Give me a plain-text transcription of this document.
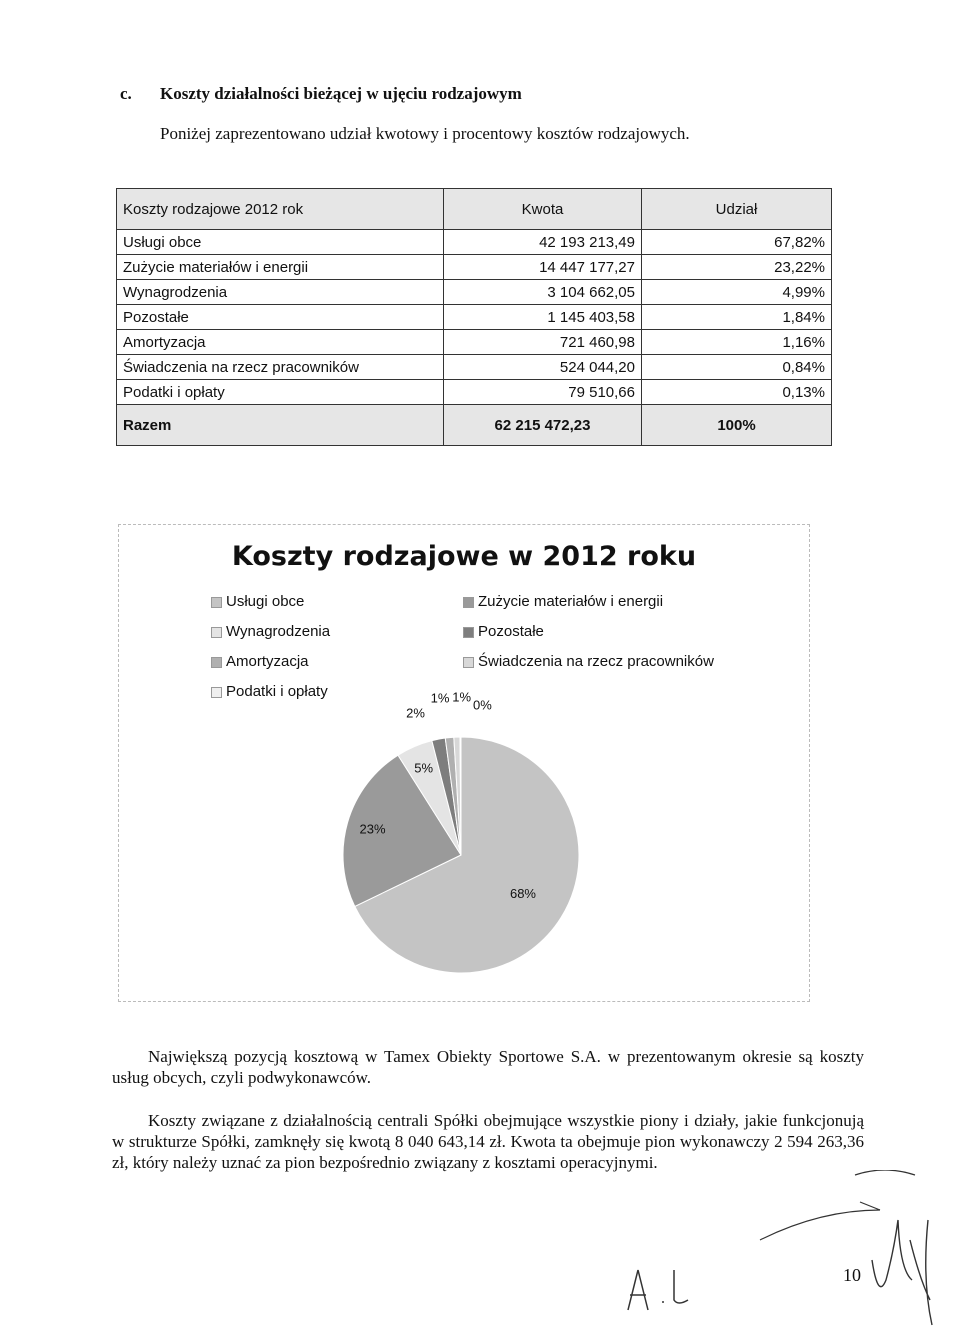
c. Koszty działalności bieżącej w ujęciu rodzajowym
Poniżej zaprezentowano udział kwotowy i procentowy kosztów rodzajowych.
Koszty rodzajowe 2012 rok	Kwota	Udział
Usługi obce	42 193 213,49	67,82%
Zużycie materiałów i energii	14 447 177,27	23,22%
Wynagrodzenia	3 104 662,05	4,99%
Pozostałe	1 145 403,58	1,84%
Amortyzacja	721 460,98	1,16%
Świadczenia na rzecz pracowników	524 044,20	0,84%
Podatki i opłaty	79 510,66	0,13%
Razem	62 215 472,23	100%
Koszty rodzajowe w 2012 roku
Usługi obce	Zużycie materiałów i energii
Wynagrodzenia	Pozostałe
Amortyzacja	Świadczenia na rzecz pracowników
Podatki i opłaty
68%
23%
5%
2%
1% 1%
0%
Największą pozycją kosztową w Tamex Obiekty Sportowe S.A. w prezentowanym okresie są koszty usług obcych, czyli podwykonawców.
Koszty związane z działalnością centrali Spółki obejmujące wszystkie piony i działy, jakie funkcjonują w strukturze Spółki, zamknęły się kwotą 8 040 643,14 zł. Kwota ta obejmuje pion wykonawczy 2 594 263,36 zł, który należy uznać za pion bezpośrednio związany z kosztami operacyjnymi.
10
